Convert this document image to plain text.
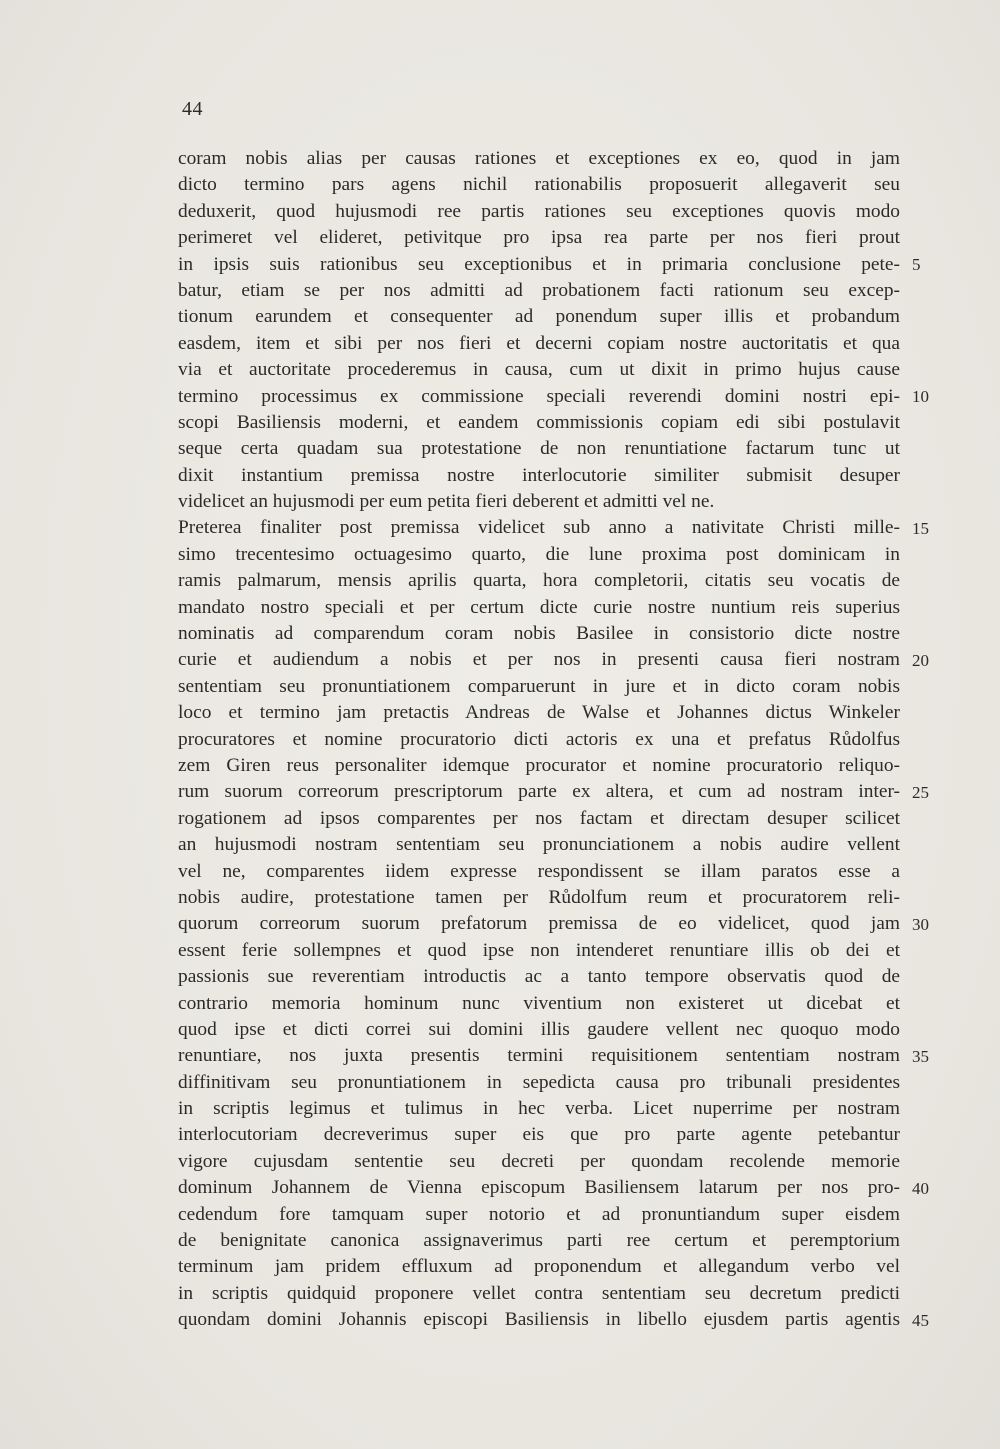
44
coram nobis alias per causas rationes et exceptiones ex eo, quod in jam
dicto termino pars agens nichil rationabilis proposuerit allegaverit seu
deduxerit, quod hujusmodi ree partis rationes seu exceptiones quovis modo
perimeret vel elideret, petivitque pro ipsa rea parte per nos fieri prout
in ipsis suis rationibus seu exceptionibus et in primaria conclusione pete-
batur, etiam se per nos admitti ad probationem facti rationum seu excep-
tionum earundem et consequenter ad ponendum super illis et probandum
easdem, item et sibi per nos fieri et decerni copiam nostre auctoritatis et qua
via et auctoritate procederemus in causa, cum ut dixit in primo hujus cause
termino processimus ex commissione speciali reverendi domini nostri epi-
scopi Basiliensis moderni, et eandem commissionis copiam edi sibi postulavit
seque certa quadam sua protestatione de non renuntiatione factarum tunc ut
dixit instantium premissa nostre interlocutorie similiter submisit desuper
videlicet an hujusmodi per eum petita fieri deberent et admitti vel ne.
Preterea finaliter post premissa videlicet sub anno a nativitate Christi mille-
simo trecentesimo octuagesimo quarto, die lune proxima post dominicam in
ramis palmarum, mensis aprilis quarta, hora completorii, citatis seu vocatis de
mandato nostro speciali et per certum dicte curie nostre nuntium reis superius
nominatis ad comparendum coram nobis Basilee in consistorio dicte nostre
curie et audiendum a nobis et per nos in presenti causa fieri nostram
sententiam seu pronuntiationem comparuerunt in jure et in dicto coram nobis
loco et termino jam pretactis Andreas de Walse et Johannes dictus Winkeler
procuratores et nomine procuratorio dicti actoris ex una et prefatus Růdolfus
zem Giren reus personaliter idemque procurator et nomine procuratorio reliquo-
rum suorum correorum prescriptorum parte ex altera, et cum ad nostram inter-
rogationem ad ipsos comparentes per nos factam et directam desuper scilicet
an hujusmodi nostram sententiam seu pronunciationem a nobis audire vellent
vel ne, comparentes iidem expresse respondissent se illam paratos esse a
nobis audire, protestatione tamen per Růdolfum reum et procuratorem reli-
quorum correorum suorum prefatorum premissa de eo videlicet, quod jam
essent ferie sollempnes et quod ipse non intenderet renuntiare illis ob dei et
passionis sue reverentiam introductis ac a tanto tempore observatis quod de
contrario memoria hominum nunc viventium non existeret ut dicebat et
quod ipse et dicti correi sui domini illis gaudere vellent nec quoquo modo
renuntiare, nos juxta presentis termini requisitionem sententiam nostram
diffinitivam seu pronuntiationem in sepedicta causa pro tribunali presidentes
in scriptis legimus et tulimus in hec verba. Licet nuperrime per nostram
interlocutoriam decreverimus super eis que pro parte agente petebantur
vigore cujusdam sententie seu decreti per quondam recolende memorie
dominum Johannem de Vienna episcopum Basiliensem latarum per nos pro-
cedendum fore tamquam super notorio et ad pronuntiandum super eisdem
de benignitate canonica assignaverimus parti ree certum et peremptorium
terminum jam pridem effluxum ad proponendum et allegandum verbo vel
in scriptis quidquid proponere vellet contra sententiam seu decretum predicti
quondam domini Johannis episcopi Basiliensis in libello ejusdem partis agentis
5
10
15
20
25
30
35
40
45
